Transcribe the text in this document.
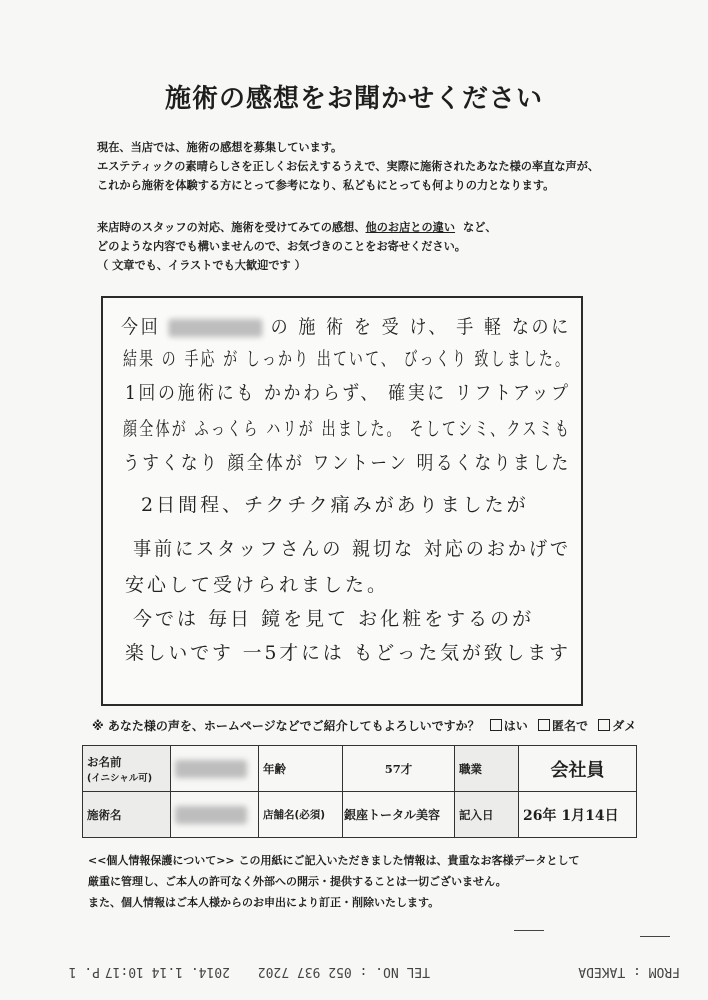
施術の感想をお聞かせください

現在、当店では、施術の感想を募集しています。

エステティックの素晴らしさを正しくお伝えするうえで、実際に施術されたあなた様の率直な声が、

これから施術を体験する方にとって参考になり、私どもにとっても何よりの力となります。

来店時のスタッフの対応、施術を受けてみての感想、他のお店との違い など、

どのような内容でも構いませんので、お気づきのことをお寄せください。

（ 文章でも、イラストでも大歓迎です ）

今回	の 施 術 を 受 け、 手 軽 なのに
結果 の 手応 が しっかり 出ていて、 びっくり 致しました。
1回の施術にも かかわらず、 確実に リフトアップ
顔全体が ふっくら ハリが 出ました。 そしてシミ、クスミも
うすくなり 顔全体が ワントーン 明るくなりました
2日間程、チクチク痛みがありましたが
事前にスタッフさんの 親切な 対応のおかげで
安心して受けられました。
今では 毎日 鏡を見て お化粧をするのが
楽しいです 一5才には もどった気が致します
※ あなた様の声を、ホームページなどでご紹介してもよろしいですか？ はい 匿名で ダメ
お名前
(イニシャル可)		年齢	57才	職業	会社員
施術名		店舗名(必須)	銀座トータル美容	記入日	26年 1月14日

<<個人情報保護について>> この用紙にご記入いただきました情報は、貴重なお客様データとして

厳重に管理し、ご本人の許可なく外部への開示・提供することは一切ございません。

また、個人情報はご本人様からのお申出により訂正・削除いたします。

FROM : TAKEDA
TEL NO. : 052 937 7202
2014. 1.14 10:17
P. 1
